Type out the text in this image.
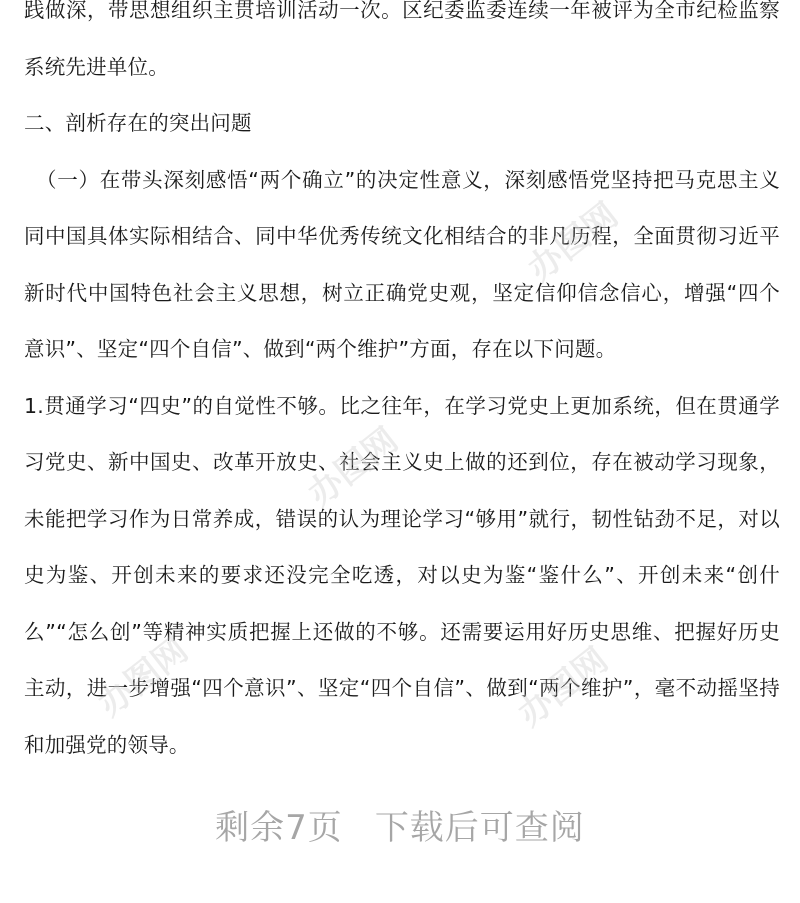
践做深，带思想组织主贯培训活动一次。区纪委监委连续一年被评为全市纪检监察系统先进单位。

二、剖析存在的突出问题

（一）在带头深刻感悟“两个确立”的决定性意义，深刻感悟党坚持把马克思主义同中国具体实际相结合、同中华优秀传统文化相结合的非凡历程，全面贯彻习近平新时代中国特色社会主义思想，树立正确党史观，坚定信仰信念信心，增强“四个意识”、坚定“四个自信”、做到“两个维护”方面，存在以下问题。

1.贯通学习“四史”的自觉性不够。比之往年，在学习党史上更加系统，但在贯通学习党史、新中国史、改革开放史、社会主义史上做的还到位，存在被动学习现象，未能把学习作为日常养成，错误的认为理论学习“够用”就行，韧性钻劲不足，对以史为鉴、开创未来的要求还没完全吃透，对以史为鉴“鉴什么”、开创未来“创什么”“怎么创”等精神实质把握上还做的不够。还需要运用好历史思维、把握好历史主动，进一步增强“四个意识”、坚定“四个自信”、做到“两个维护”，毫不动摇坚持和加强党的领导。

办图网
办图网
办图网	办图网
剩余7页 下载后可查阅
